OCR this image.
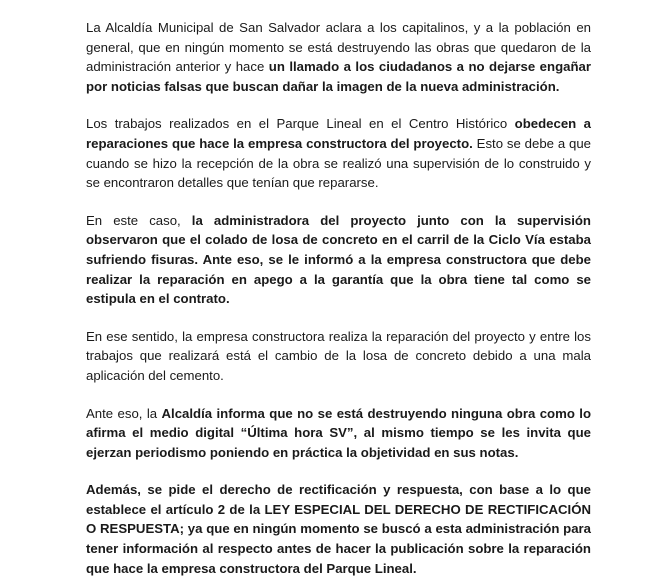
La Alcaldía Municipal de San Salvador aclara a los capitalinos, y a la población en general, que en ningún momento se está destruyendo las obras que quedaron de la administración anterior y hace un llamado a los ciudadanos a no dejarse engañar por noticias falsas que buscan dañar la imagen de la nueva administración.

Los trabajos realizados en el Parque Lineal en el Centro Histórico obedecen a reparaciones que hace la empresa constructora del proyecto. Esto se debe a que cuando se hizo la recepción de la obra se realizó una supervisión de lo construido y se encontraron detalles que tenían que repararse.

En este caso, la administradora del proyecto junto con la supervisión observaron que el colado de losa de concreto en el carril de la Ciclo Vía estaba sufriendo fisuras. Ante eso, se le informó a la empresa constructora que debe realizar la reparación en apego a la garantía que la obra tiene tal como se estipula en el contrato.

En ese sentido, la empresa constructora realiza la reparación del proyecto y entre los trabajos que realizará está el cambio de la losa de concreto debido a una mala aplicación del cemento.

Ante eso, la Alcaldía informa que no se está destruyendo ninguna obra como lo afirma el medio digital “Última hora SV”, al mismo tiempo se les invita que ejerzan periodismo poniendo en práctica la objetividad en sus notas.

Además, se pide el derecho de rectificación y respuesta, con base a lo que establece el artículo 2 de la LEY ESPECIAL DEL DERECHO DE RECTIFICACIÓN O RESPUESTA; ya que en ningún momento se buscó a esta administración para tener información al respecto antes de hacer la publicación sobre la reparación que hace la empresa constructora del Parque Lineal.
